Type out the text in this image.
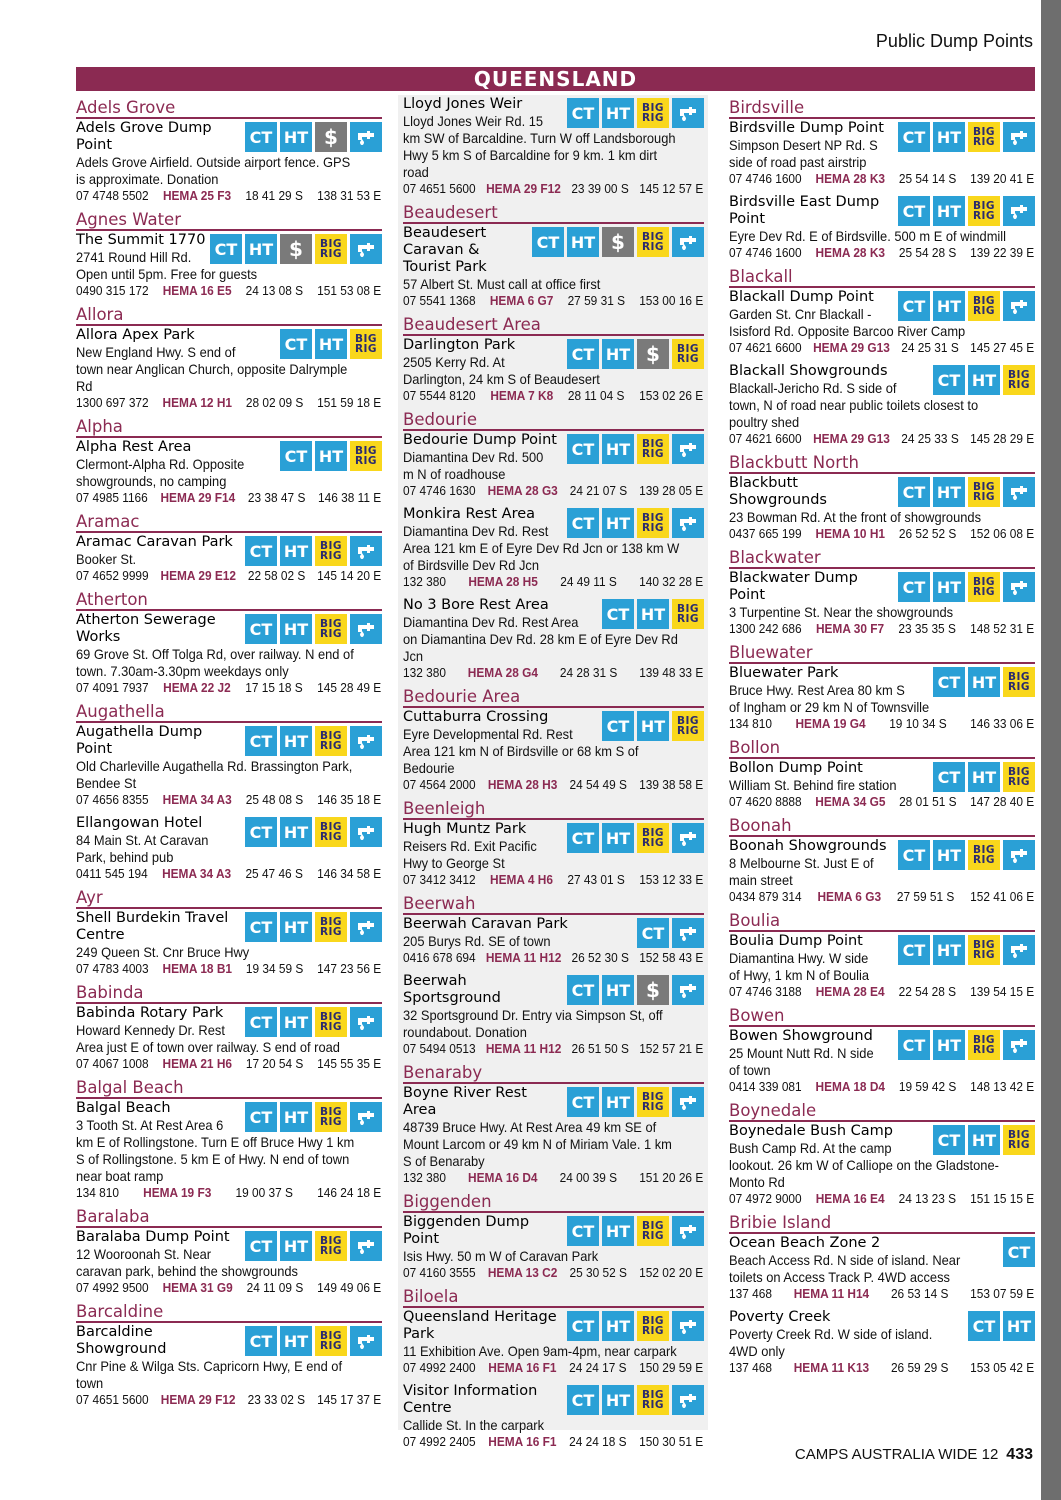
Public Dump Points
QUEENSLAND
Adels Grove
CT HT $
Adels Grove Dump Point
Adels Grove Airfield. Outside airport fence. GPS is approximate. Donation
07 4748 5502 HEMA 25 F3 18 41 29 S 138 31 53 E
Agnes Water
CT HT $	BIG
RIG
The Summit 1770
2741 Round Hill Rd. Open until 5pm. Free for guests
0490 315 172 HEMA 16 E5 24 13 08 S 151 53 08 E
Allora
CT HT	BIG
RIG
Allora Apex Park
New England Hwy. S end of town near Anglican Church, opposite Dalrymple Rd
1300 697 372 HEMA 12 H1 28 02 09 S 151 59 18 E
Alpha
CT HT	BIG
RIG
Alpha Rest Area
Clermont-Alpha Rd. Opposite showgrounds, no camping
07 4985 1166 HEMA 29 F14 23 38 47 S 146 38 11 E
Aramac
CT HT	BIG
RIG
Aramac Caravan Park
Booker St.
07 4652 9999 HEMA 29 E12 22 58 02 S 145 14 20 E
Atherton
CT HT	BIG
RIG
Atherton Sewerage Works
69 Grove St. Off Tolga Rd, over railway. N end of town. 7.30am-3.30pm weekdays only
07 4091 7937 HEMA 22 J2 17 15 18 S 145 28 49 E
Augathella
CT HT	BIG
RIG
Augathella Dump Point
Old Charleville Augathella Rd. Brassington Park, Bendee St
07 4656 8355 HEMA 34 A3 25 48 08 S 146 35 18 E
CT HT	BIG
RIG
Ellangowan Hotel
84 Main St. At Caravan Park, behind pub
0411 545 194 HEMA 34 A3 25 47 46 S 146 34 58 E
Ayr
CT HT	BIG
RIG
Shell Burdekin Travel Centre
249 Queen St. Cnr Bruce Hwy
07 4783 4003 HEMA 18 B1 19 34 59 S 147 23 56 E
Babinda
CT HT	BIG
RIG
Babinda Rotary Park
Howard Kennedy Dr. Rest Area just E of town over railway. S end of road
07 4067 1008 HEMA 21 H6 17 20 54 S 145 55 35 E
Balgal Beach
CT HT	BIG
RIG
Balgal Beach
3 Tooth St. At Rest Area 6 km E of Rollingstone. Turn E off Bruce Hwy 1 km S of Rollingstone. 5 km E of Hwy. N end of town near boat ramp
134 810 HEMA 19 F3 19 00 37 S 146 24 18 E
Baralaba
CT HT	BIG
RIG
Baralaba Dump Point
12 Wooroonah St. Near caravan park, behind the showgrounds
07 4992 9500 HEMA 31 G9 24 11 09 S 149 49 06 E
Barcaldine
CT HT	BIG
RIG
Barcaldine Showground
Cnr Pine & Wilga Sts. Capricorn Hwy, E end of town
07 4651 5600 HEMA 29 F12 23 33 02 S 145 17 37 E
CT HT	BIG
RIG
Lloyd Jones Weir
Lloyd Jones Weir Rd. 15 km SW of Barcaldine. Turn W off Landsborough Hwy 5 km S of Barcaldine for 9 km. 1 km dirt road
07 4651 5600 HEMA 29 F12 23 39 00 S 145 12 57 E
Beaudesert
CT HT $	BIG
RIG
Beaudesert Caravan & Tourist Park
57 Albert St. Must call at office first
07 5541 1368 HEMA 6 G7 27 59 31 S 153 00 16 E
Beaudesert Area
CT HT $	BIG
RIG
Darlington Park
2505 Kerry Rd. At Darlington, 24 km S of Beaudesert
07 5544 8120 HEMA 7 K8 28 11 04 S 153 02 26 E
Bedourie
CT HT	BIG
RIG
Bedourie Dump Point
Diamantina Dev Rd. 500 m N of roadhouse
07 4746 1630 HEMA 28 G3 24 21 07 S 139 28 05 E
CT HT	BIG
RIG
Monkira Rest Area
Diamantina Dev Rd. Rest Area 121 km E of Eyre Dev Rd Jcn or 138 km W of Birdsville Dev Rd Jcn
132 380 HEMA 28 H5 24 49 11 S 140 32 28 E
CT HT	BIG
RIG
No 3 Bore Rest Area
Diamantina Dev Rd. Rest Area on Diamantina Dev Rd. 28 km E of Eyre Dev Rd Jcn
132 380 HEMA 28 G4 24 28 31 S 139 48 33 E
Bedourie Area
CT HT	BIG
RIG
Cuttaburra Crossing
Eyre Developmental Rd. Rest Area 121 km N of Birdsville or 68 km S of Bedourie
07 4564 2000 HEMA 28 H3 24 54 49 S 139 38 58 E
Beenleigh
CT HT	BIG
RIG
Hugh Muntz Park
Reisers Rd. Exit Pacific Hwy to George St
07 3412 3412 HEMA 4 H6 27 43 01 S 153 12 33 E
Beerwah
CT
Beerwah Caravan Park
205 Burys Rd. SE of town
0416 678 694 HEMA 11 H12 26 52 30 S 152 58 43 E
CT HT $
Beerwah Sportsground
32 Sportsground Dr. Entry via Simpson St, off roundabout. Donation
07 5494 0513 HEMA 11 H12 26 51 50 S 152 57 21 E
Benaraby
CT HT	BIG
RIG
Boyne River Rest Area
48739 Bruce Hwy. At Rest Area 49 km SE of Mount Larcom or 49 km N of Miriam Vale. 1 km S of Benaraby
132 380 HEMA 16 D4 24 00 39 S 151 20 26 E
Biggenden
CT HT	BIG
RIG
Biggenden Dump Point
Isis Hwy. 50 m W of Caravan Park
07 4160 3555 HEMA 13 C2 25 30 52 S 152 02 20 E
Biloela
CT HT	BIG
RIG
Queensland Heritage Park
11 Exhibition Ave. Open 9am-4pm, near carpark
07 4992 2400 HEMA 16 F1 24 24 17 S 150 29 59 E
CT HT	BIG
RIG
Visitor Information Centre
Callide St. In the carpark
07 4992 2405 HEMA 16 F1 24 24 18 S 150 30 51 E
Birdsville
CT HT	BIG
RIG
Birdsville Dump Point
Simpson Desert NP Rd. S side of road past airstrip
07 4746 1600 HEMA 28 K3 25 54 14 S 139 20 41 E
CT HT	BIG
RIG
Birdsville East Dump Point
Eyre Dev Rd. E of Birdsville. 500 m E of windmill
07 4746 1600 HEMA 28 K3 25 54 28 S 139 22 39 E
Blackall
CT HT	BIG
RIG
Blackall Dump Point
Garden St. Cnr Blackall - Isisford Rd. Opposite Barcoo River Camp
07 4621 6600 HEMA 29 G13 24 25 31 S 145 27 45 E
CT HT	BIG
RIG
Blackall Showgrounds
Blackall-Jericho Rd. S side of town, N of road near public toilets closest to poultry shed
07 4621 6600 HEMA 29 G13 24 25 33 S 145 28 29 E
Blackbutt North
CT HT	BIG
RIG
Blackbutt Showgrounds
23 Bowman Rd. At the front of showgrounds
0437 665 199 HEMA 10 H1 26 52 52 S 152 06 08 E
Blackwater
CT HT	BIG
RIG
Blackwater Dump Point
3 Turpentine St. Near the showgrounds
1300 242 686 HEMA 30 F7 23 35 35 S 148 52 31 E
Bluewater
CT HT	BIG
RIG
Bluewater Park
Bruce Hwy. Rest Area 80 km S of Ingham or 29 km N of Townsville
134 810 HEMA 19 G4 19 10 34 S 146 33 06 E
Bollon
CT HT	BIG
RIG
Bollon Dump Point
William St. Behind fire station
07 4620 8888 HEMA 34 G5 28 01 51 S 147 28 40 E
Boonah
CT HT	BIG
RIG
Boonah Showgrounds
8 Melbourne St. Just E of main street
0434 879 314 HEMA 6 G3 27 59 51 S 152 41 06 E
Boulia
CT HT	BIG
RIG
Boulia Dump Point
Diamantina Hwy. W side of Hwy, 1 km N of Boulia
07 4746 3188 HEMA 28 E4 22 54 28 S 139 54 15 E
Bowen
CT HT	BIG
RIG
Bowen Showground
25 Mount Nutt Rd. N side of town
0414 339 081 HEMA 18 D4 19 59 42 S 148 13 42 E
Boynedale
CT HT	BIG
RIG
Boynedale Bush Camp
Bush Camp Rd. At the camp lookout. 26 km W of Calliope on the Gladstone-Monto Rd
07 4972 9000 HEMA 16 E4 24 13 23 S 151 15 15 E
Bribie Island
CT
Ocean Beach Zone 2
Beach Access Rd. N side of island. Near toilets on Access Track P. 4WD access
137 468 HEMA 11 H14 26 53 14 S 153 07 59 E
CT HT
Poverty Creek
Poverty Creek Rd. W side of island. 4WD only
137 468 HEMA 11 K13 26 59 29 S 153 05 42 E
CAMPS AUSTRALIA WIDE 12 433
